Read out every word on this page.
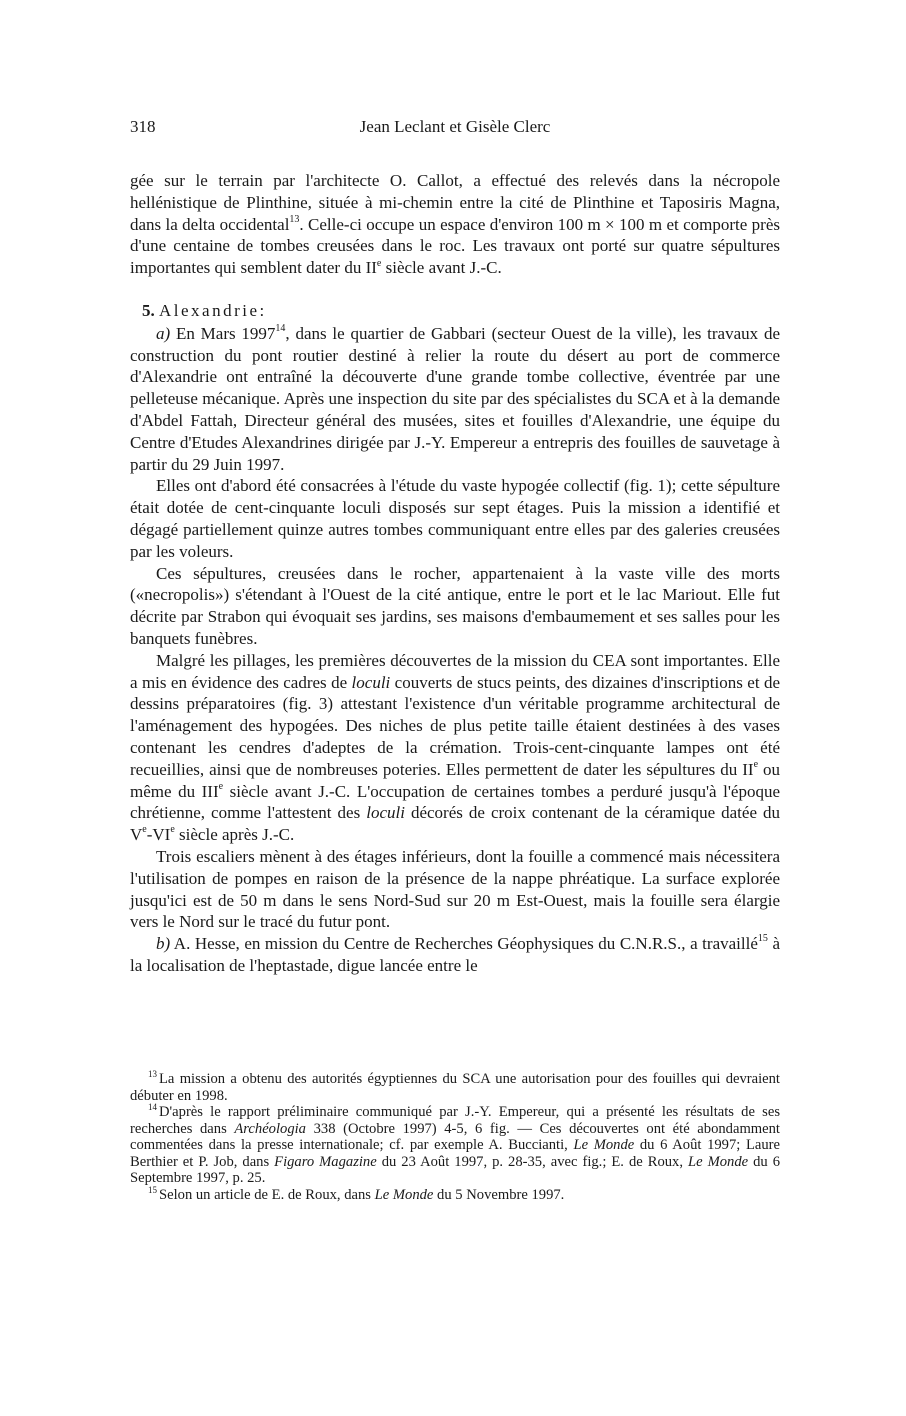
318	Jean Leclant et Gisèle Clerc

gée sur le terrain par l'architecte O. Callot, a effectué des relevés dans la nécropole hellénistique de Plinthine, située à mi-chemin entre la cité de Plinthine et Taposiris Magna, dans la delta occidental$^{13}$. Celle-ci occupe un espace d'environ 100 m × 100 m et comporte près d'une centaine de tombes creusées dans le roc. Les travaux ont porté sur quatre sépultures importantes qui semblent dater du IIe siècle avant J.-C.

5. Alexandrie:

a) En Mars 1997$^{14}$, dans le quartier de Gabbari (secteur Ouest de la ville), les travaux de construction du pont routier destiné à relier la route du désert au port de commerce d'Alexandrie ont entraîné la découverte d'une grande tombe collective, éventrée par une pelleteuse mécanique. Après une inspection du site par des spécialistes du SCA et à la demande d'Abdel Fattah, Directeur général des musées, sites et fouilles d'Alexandrie, une équipe du Centre d'Etudes Alexandrines dirigée par J.-Y. Empereur a entrepris des fouilles de sauvetage à partir du 29 Juin 1997.

Elles ont d'abord été consacrées à l'étude du vaste hypogée collectif (fig. 1); cette sépulture était dotée de cent-cinquante loculi disposés sur sept étages. Puis la mission a identifié et dégagé partiellement quinze autres tombes communiquant entre elles par des galeries creusées par les voleurs.

Ces sépultures, creusées dans le rocher, appartenaient à la vaste ville des morts («necropolis») s'étendant à l'Ouest de la cité antique, entre le port et le lac Mariout. Elle fut décrite par Strabon qui évoquait ses jardins, ses maisons d'embaumement et ses salles pour les banquets funèbres.

Malgré les pillages, les premières découvertes de la mission du CEA sont importantes. Elle a mis en évidence des cadres de loculi couverts de stucs peints, des dizaines d'inscriptions et de dessins préparatoires (fig. 3) attestant l'existence d'un véritable programme architectural de l'aménagement des hypogées. Des niches de plus petite taille étaient destinées à des vases contenant les cendres d'adeptes de la crémation. Trois-cent-cinquante lampes ont été recueillies, ainsi que de nombreuses poteries. Elles permettent de dater les sépultures du IIe ou même du IIIe siècle avant J.-C. L'occupation de certaines tombes a perduré jusqu'à l'époque chrétienne, comme l'attestent des loculi décorés de croix contenant de la céramique datée du Ve-VIe siècle après J.-C.

Trois escaliers mènent à des étages inférieurs, dont la fouille a commencé mais nécessitera l'utilisation de pompes en raison de la présence de la nappe phréatique. La surface explorée jusqu'ici est de 50 m dans le sens Nord-Sud sur 20 m Est-Ouest, mais la fouille sera élargie vers le Nord sur le tracé du futur pont.

b) A. Hesse, en mission du Centre de Recherches Géophysiques du C.N.R.S., a travaillé$^{15}$ à la localisation de l'heptastade, digue lancée entre le

$^{13}$ La mission a obtenu des autorités égyptiennes du SCA une autorisation pour des fouilles qui devraient débuter en 1998.

$^{14}$ D'après le rapport préliminaire communiqué par J.-Y. Empereur, qui a présenté les résultats de ses recherches dans Archéologia 338 (Octobre 1997) 4-5, 6 fig. — Ces découvertes ont été abondamment commentées dans la presse internationale; cf. par exemple A. Buccianti, Le Monde du 6 Août 1997; Laure Berthier et P. Job, dans Figaro Magazine du 23 Août 1997, p. 28-35, avec fig.; E. de Roux, Le Monde du 6 Septembre 1997, p. 25.

$^{15}$ Selon un article de E. de Roux, dans Le Monde du 5 Novembre 1997.
